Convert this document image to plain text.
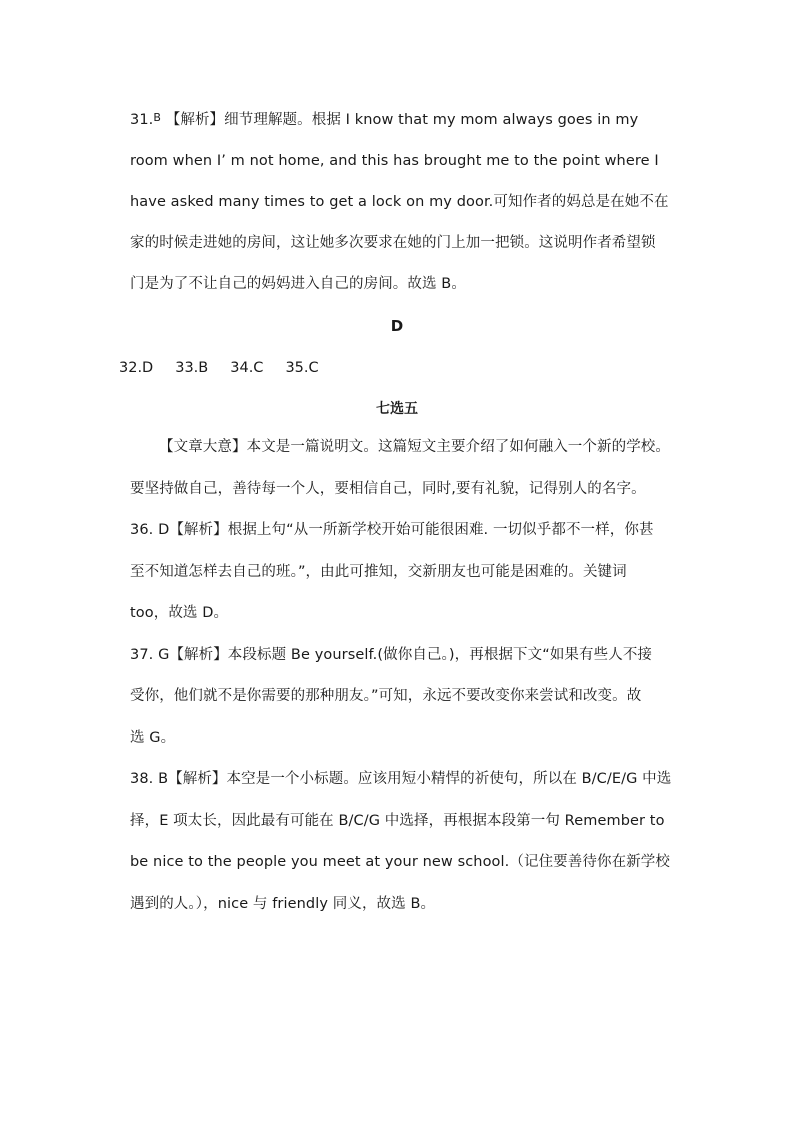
31.$^B$ 【解析】细节理解题。根据 I know that my mom always goes in my
room when I’ m not home, and this has brought me to the point where I
have asked many times to get a lock on my door.可知作者的妈总是在她不在
家的时候走进她的房间，这让她多次要求在她的门上加一把锁。这说明作者希望锁
门是为了不让自己的妈妈进入自己的房间。故选 B。
D
32.D 33.B 34.C 35.C
七选五
【文章大意】本文是一篇说明文。这篇短文主要介绍了如何融入一个新的学校。
要坚持做自己，善待每一个人，要相信自己，同时,要有礼貌，记得别人的名字。
36. D【解析】根据上句“从一所新学校开始可能很困难. 一切似乎都不一样，你甚
至不知道怎样去自己的班。”，由此可推知，交新朋友也可能是困难的。关键词
too，故选 D。
37. G【解析】本段标题 Be yourself.(做你自己。)，再根据下文“如果有些人不接
受你，他们就不是你需要的那种朋友。”可知，永远不要改变你来尝试和改变。故
选 G。
38. B【解析】本空是一个小标题。应该用短小精悍的祈使句，所以在 B/C/E/G 中选
择，E 项太长，因此最有可能在 B/C/G 中选择，再根据本段第一句 Remember to
be nice to the people you meet at your new school.（记住要善待你在新学校
遇到的人。），nice 与 friendly 同义，故选 B。
